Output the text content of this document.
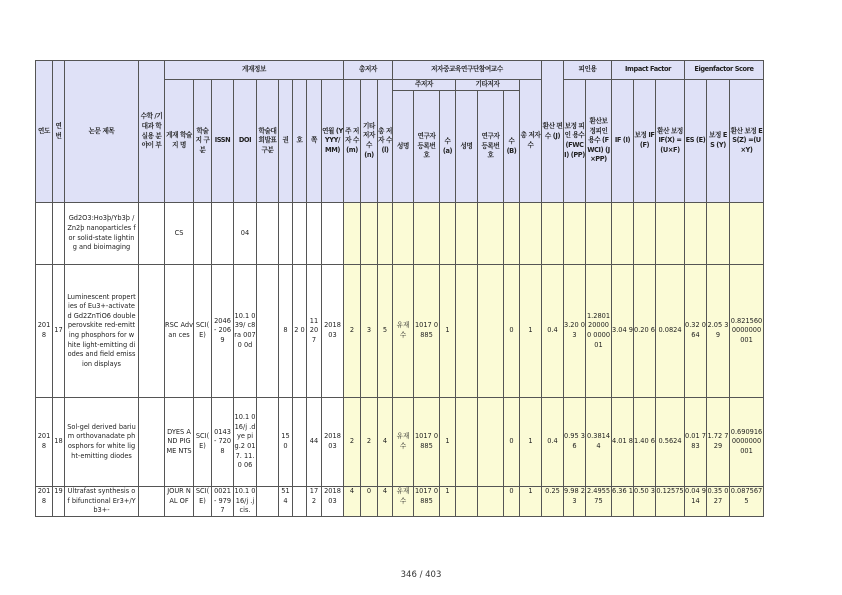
연도	연번	논문 제목	수학 /기대과 학실용 분야이 부	게재정보									총저자			저자중교육연구단참여교수							환산 편수 (J)	피인용		Impact Factor			Eigenfactor Score		
				게재 학술지 명	학술 지 구분	ISSN	DOI	학술대 회발표 구분	권	호	쪽	연월 (YYYY/ MM)	주 저자 수 (m)	기타 저자 수 (n)	총 저자 수 (l)	주저자			기타저자			총 저자 수		보정 피인 용수 (FWC I) (PP)	환산보 정피인 용수 (FWCI) (J×PP)	IF (I)	보정 IF (F)	환산 보정 IF(X) = (U×F)	ES (E)	보정 ES (Y)	환산 보정 ES(Z) =(U×Y)
																성명	연구자 등록번 호	수 (a)	성명	연구자 등록번 호	수 (B)										
		Gd2O3:Ho3þ/Yb3þ /Zn2þ nanoparticles for solid-state lighting and bioimaging		CS			04																								
201 8	17	Luminescent properties of Eu3+-activated Gd2ZnTiO6 double perovskite red-emitting phosphors for white light-emitting diodes and field emission displays		RSC Advan ces	SCI( E)	2046 - 2069	10.1 039/ c8ra 0070 0d		8	2 0	11 20 7	2018 03	2	3	5	유재 수	1017 0885	1			0	1	0.4	3.20 03	1.2801 200000 000001	3.04 9	0.20 6	0.0824	0.32 064	2.05 39	0.821560 0000000 001
201 8	18	Sol-gel derived barium orthovanadate phosphors for white light-emitting diodes		DYES AND PIGME NTS	SCI( E)	0143 - 7208	10.1 016/j .dye pig.2 017. 11.0 06		15 0		44	2018 03	2	2	4	유재 수	1017 0885	1			0	1	0.4	0.95 36	0.3814 4	4.01 8	1.40 6	0.5624	0.01 783	1.72 729	0.690916 0000000 001
201 8	19	Ultrafast synthesis of bifunctional Er3+/Yb3+-		JOUR NAL OF	SCI( E)	0021 - 9797	10.1 016/j .jcis.		51 4		17 2	2018 03	4	0	4	유재 수	1017 0885	1			0	1	0.25	9.98 23	2.4955 75	6.36 1	0.50 3	0.12575	0.04 914	0.35 027	0.087567 5
346 / 403
